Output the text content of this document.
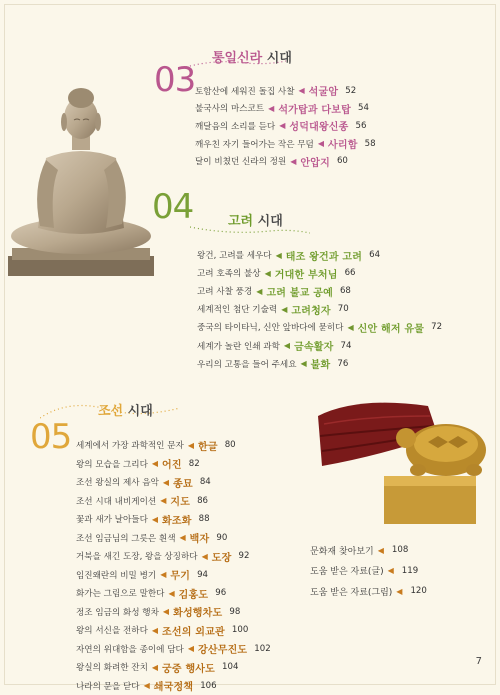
03
통일신라 시대
토함산에 세워진 돌집 사찰 ◀ 석굴암 52
불국사의 마스코트 ◀ 석가탑과 다보탑 54
깨달음의 소리를 듣다 ◀ 성덕대왕신종 56
깨우친 자기 들어가는 작은 무덤 ◀ 사리함 58
달이 비쳤던 신라의 정원 ◀ 안압지 60
04	고려 시대
왕건, 고려를 세우다 ◀ 태조 왕건과 고려 64
고려 호족의 불상 ◀ 거대한 부처님 66
고려 사찰 풍경 ◀ 고려 불교 공예 68
세계적인 첨단 기술력 ◀ 고려청자 70
중국의 타이타닉, 신안 앞바다에 묻히다 ◀ 신안 해저 유물 72
세계가 놀란 인쇄 과학 ◀ 금속활자 74
우리의 고통을 들어 주세요 ◀ 불화 76
05
조선 시대
세계에서 가장 과학적인 문자 ◀ 한글 80
왕의 모습을 그리다 ◀ 어진 82
조선 왕실의 제사 음악 ◀ 종묘 84
조선 시대 내비게이션 ◀ 지도 86
꽃과 새가 날아들다 ◀ 화조화 88
조선 임금님의 그릇은 흰색 ◀ 백자 90
거북을 새긴 도장, 왕을 상징하다 ◀ 도장 92
임진왜란의 비밀 병기 ◀ 무기 94
화가는 그림으로 말한다 ◀ 김홍도 96
정조 임금의 화성 행차 ◀ 화성행차도 98
왕의 서신을 전하다 ◀ 조선의 외교관 100
자연의 위대함을 종이에 담다 ◀ 강산무진도 102
왕실의 화려한 잔치 ◀ 궁중 행사도 104
나라의 문을 닫다 ◀ 쇄국정책 106
문화재 찾아보기 ◀ 108
도움 받은 자료(글) ◀ 119
도움 받은 자료(그림) ◀ 120
7
